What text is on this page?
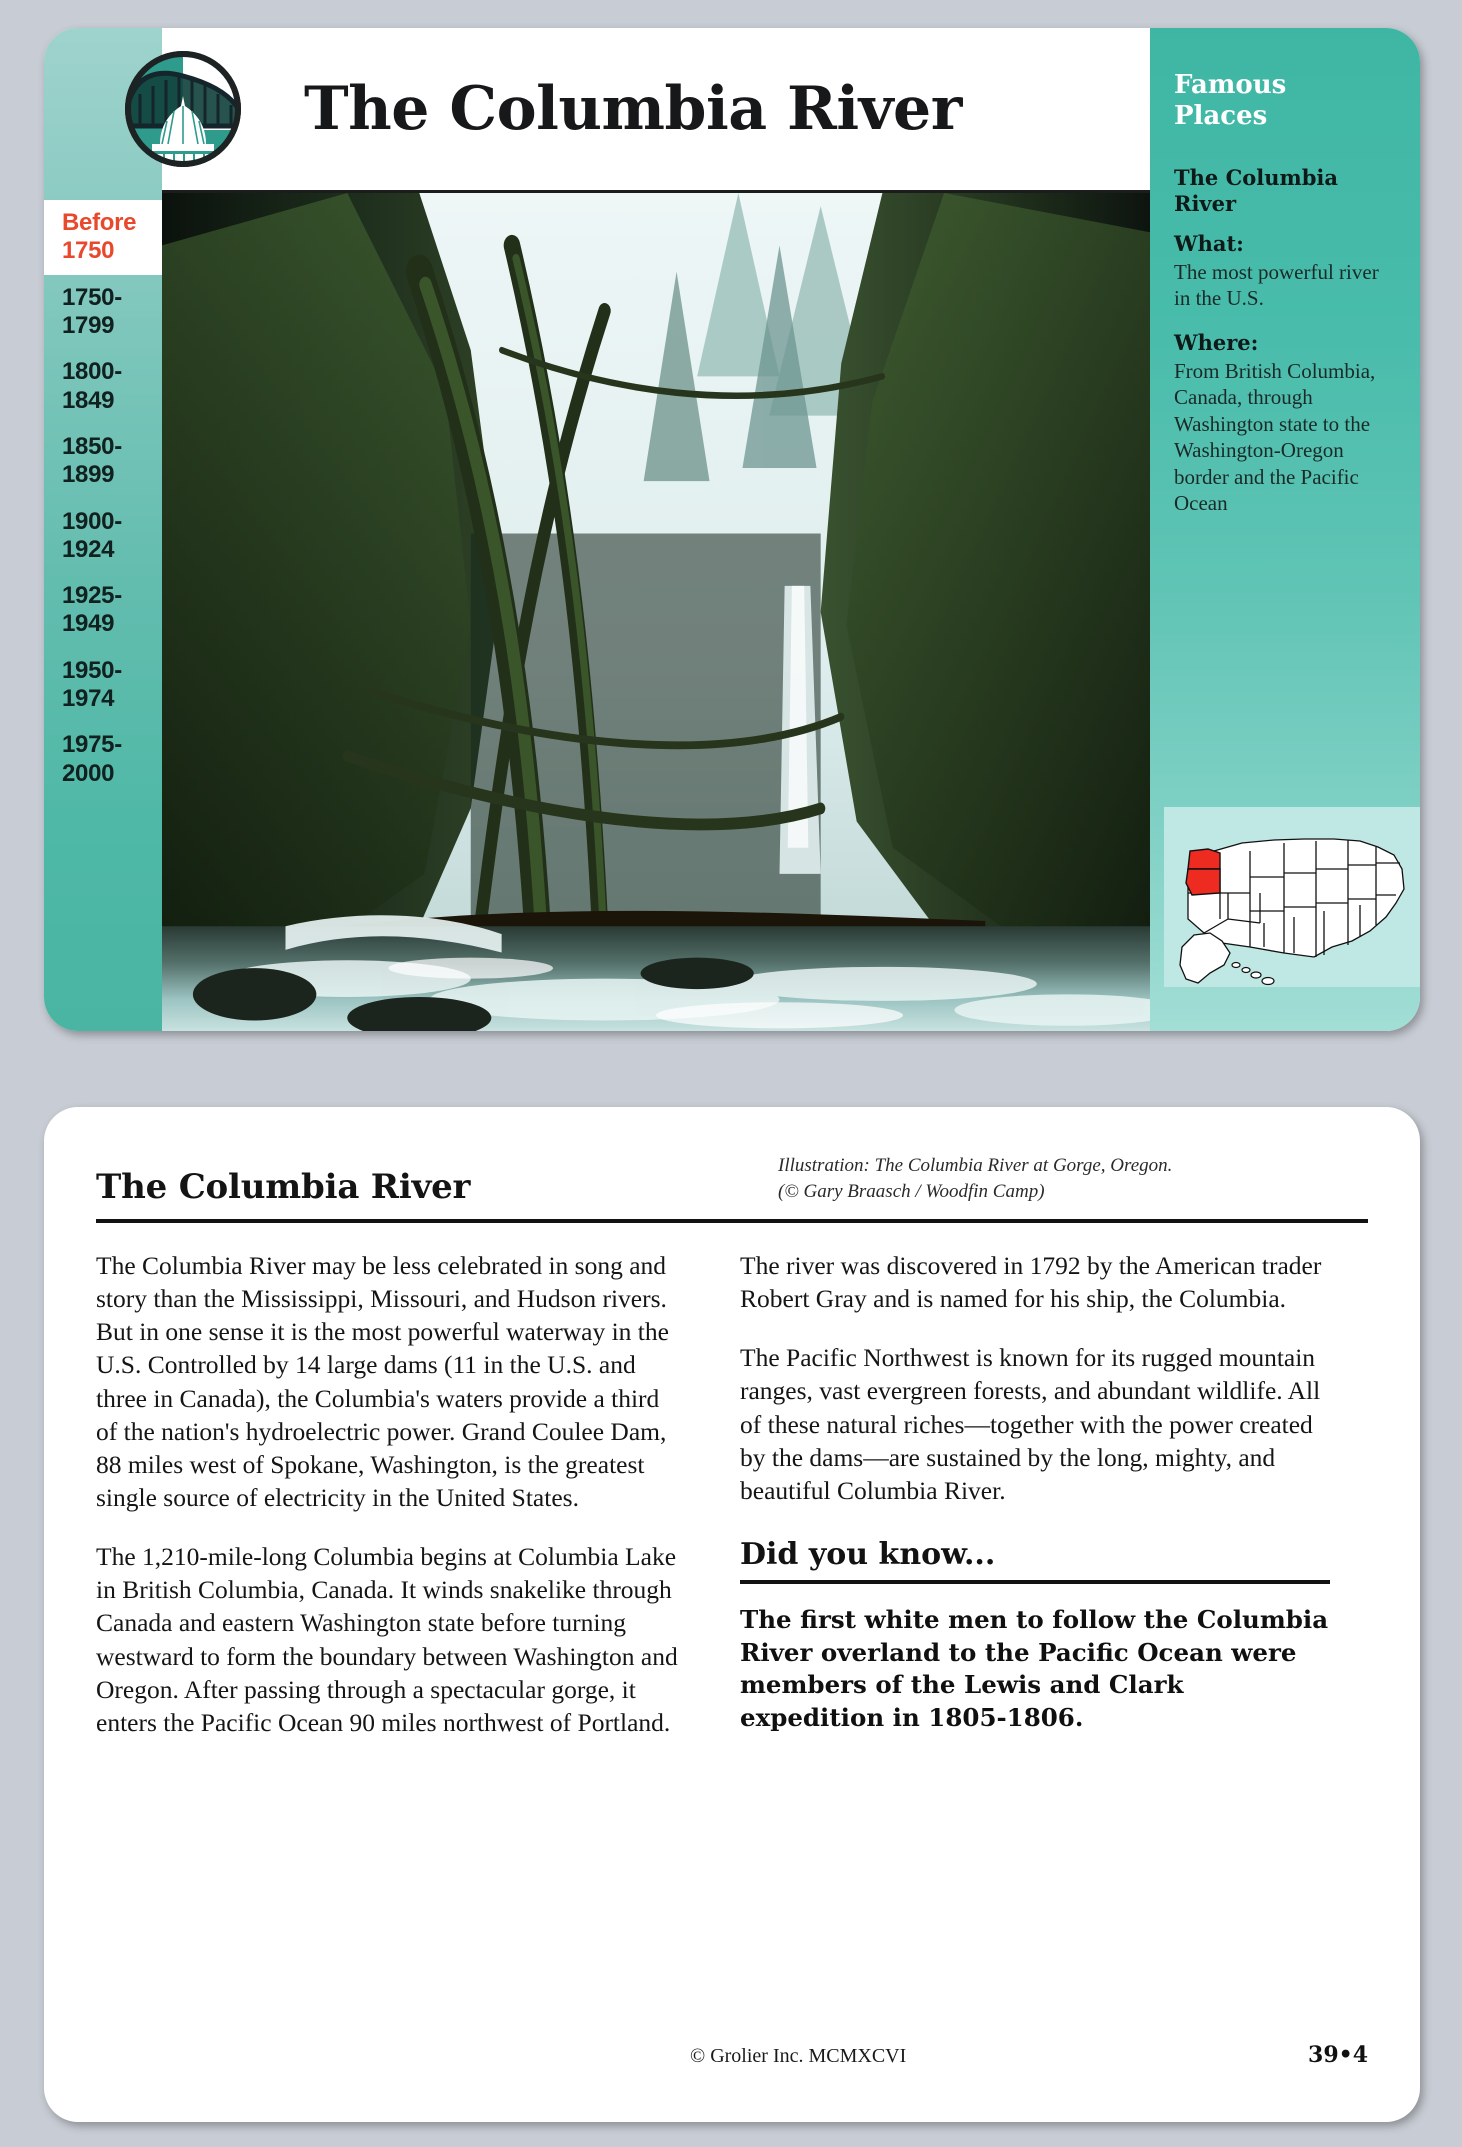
Before
1750
1750-
1799
1800-
1849
1850-
1899
1900-
1924
1925-
1949
1950-
1974
1975-
2000
The Columbia River	Famous
Places
The Columbia
River
What:
The most powerful river in the U.S.
Where:
From British Columbia, Canada, through Washington state to the Washington-Oregon border and the Pacific Ocean
The Columbia River
Illustration: The Columbia River at Gorge, Oregon.
(© Gary Braasch / Woodfin Camp)

The Columbia River may be less celebrated in song and story than the Mississippi, Missouri, and Hudson rivers. But in one sense it is the most powerful waterway in the U.S. Controlled by 14 large dams (11 in the U.S. and three in Canada), the Columbia's waters provide a third of the nation's hydroelectric power. Grand Coulee Dam, 88 miles west of Spokane, Washington, is the greatest single source of electricity in the United States.

The 1,210-mile-long Columbia begins at Columbia Lake in British Columbia, Canada. It winds snakelike through Canada and eastern Washington state before turning westward to form the boundary between Washington and Oregon. After passing through a spectacular gorge, it enters the Pacific Ocean 90 miles northwest of Portland.

The river was discovered in 1792 by the American trader Robert Gray and is named for his ship, the Columbia.

The Pacific Northwest is known for its rugged mountain ranges, vast evergreen forests, and abundant wildlife. All of these natural riches—together with the power created by the dams—are sustained by the long, mighty, and beautiful Columbia River.

Did you know...
The first white men to follow the Columbia River overland to the Pacific Ocean were members of the Lewis and Clark expedition in 1805-1806.
© Grolier Inc. MCMXCVI	39•4
